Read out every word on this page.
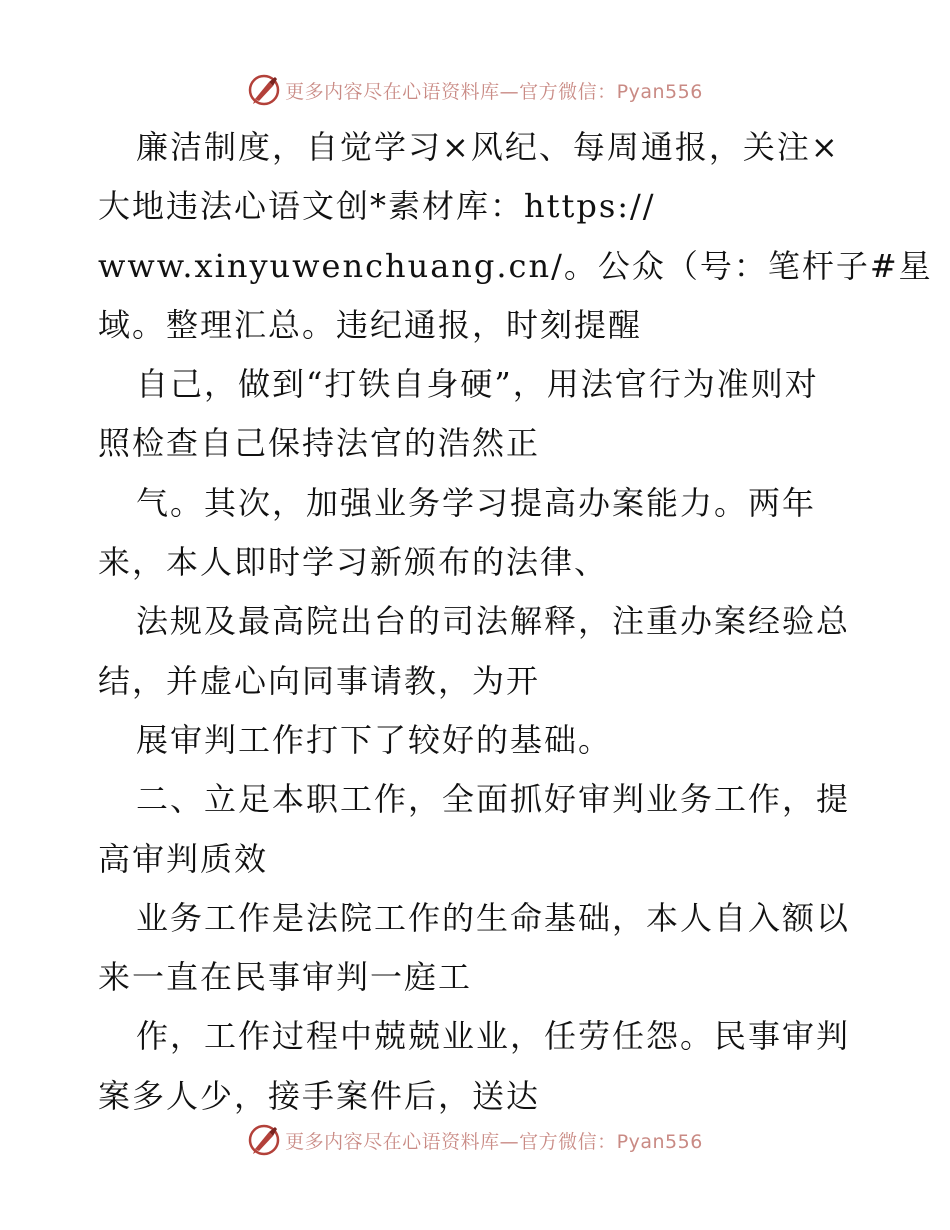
更多内容尽在心语资料库—官方微信：Pyan556
廉洁制度，自觉学习×风纪、每周通报，关注×
大地违法心语文创*素材库：https://
www.xinyuwenchuang.cn/。公众（号：笔杆子#星
域。整理汇总。违纪通报，时刻提醒
自己，做到“打铁自身硬”，用法官行为准则对
照检查自己保持法官的浩然正
气。其次，加强业务学习提高办案能力。两年
来，本人即时学习新颁布的法律、
法规及最高院出台的司法解释，注重办案经验总
结，并虚心向同事请教，为开
展审判工作打下了较好的基础。
二、立足本职工作，全面抓好审判业务工作，提
高审判质效
业务工作是法院工作的生命基础，本人自入额以
来一直在民事审判一庭工
作，工作过程中兢兢业业，任劳任怨。民事审判
案多人少，接手案件后，送达
更多内容尽在心语资料库—官方微信：Pyan556
